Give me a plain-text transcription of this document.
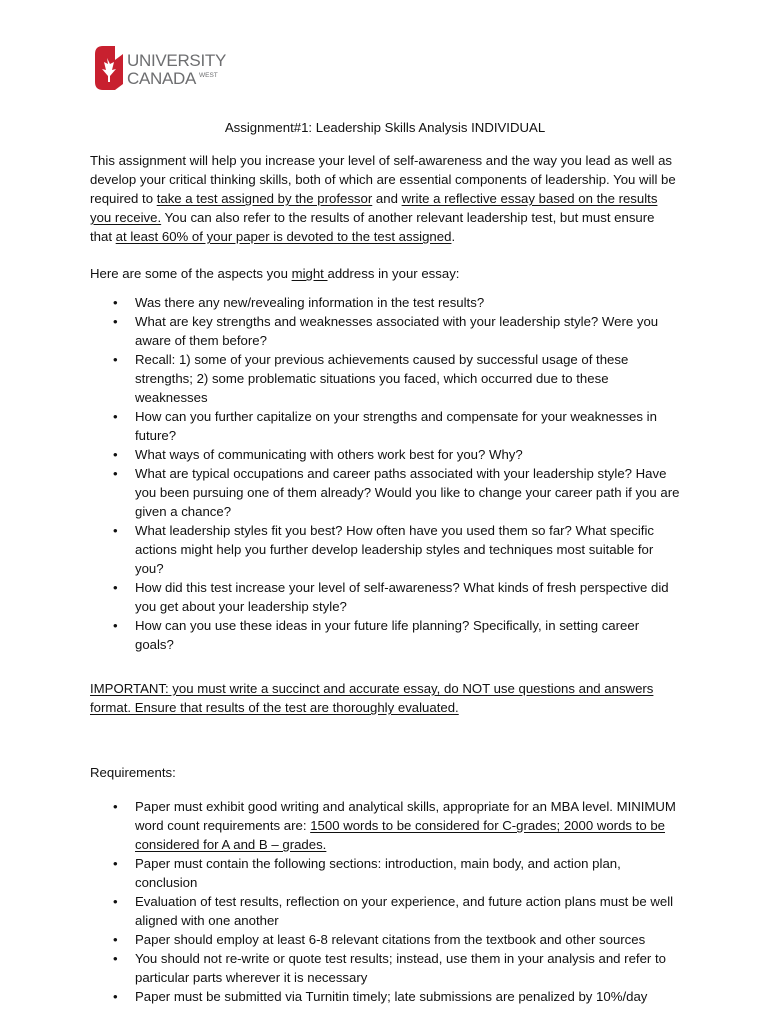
UNIVERSITY
CANADA WEST

Assignment#1: Leadership Skills Analysis INDIVIDUAL

This assignment will help you increase your level of self-awareness and the way you lead as well as develop your critical thinking skills, both of which are essential components of leadership. You will be required to take a test assigned by the professor and write a reflective essay based on the results you receive. You can also refer to the results of another relevant leadership test, but must ensure that at least 60% of your paper is devoted to the test assigned.

Here are some of the aspects you might address in your essay:

• Was there any new/revealing information in the test results?
• What are key strengths and weaknesses associated with your leadership style? Were you aware of them before?
• Recall: 1) some of your previous achievements caused by successful usage of these strengths; 2) some problematic situations you faced, which occurred due to these weaknesses
• How can you further capitalize on your strengths and compensate for your weaknesses in future?
• What ways of communicating with others work best for you? Why?
• What are typical occupations and career paths associated with your leadership style? Have you been pursuing one of them already? Would you like to change your career path if you are given a chance?
• What leadership styles fit you best? How often have you used them so far? What specific actions might help you further develop leadership styles and techniques most suitable for you?
• How did this test increase your level of self-awareness? What kinds of fresh perspective did you get about your leadership style?
• How can you use these ideas in your future life planning? Specifically, in setting career goals?

IMPORTANT: you must write a succinct and accurate essay, do NOT use questions and answers format. Ensure that results of the test are thoroughly evaluated.

Requirements:

• Paper must exhibit good writing and analytical skills, appropriate for an MBA level. MINIMUM word count requirements are: 1500 words to be considered for C-grades; 2000 words to be considered for A and B – grades.
• Paper must contain the following sections: introduction, main body, and action plan, conclusion
• Evaluation of test results, reflection on your experience, and future action plans must be well aligned with one another
• Paper should employ at least 6-8 relevant citations from the textbook and other sources
• You should not re-write or quote test results; instead, use them in your analysis and refer to particular parts wherever it is necessary
• Paper must be submitted via Turnitin timely; late submissions are penalized by 10%/day
